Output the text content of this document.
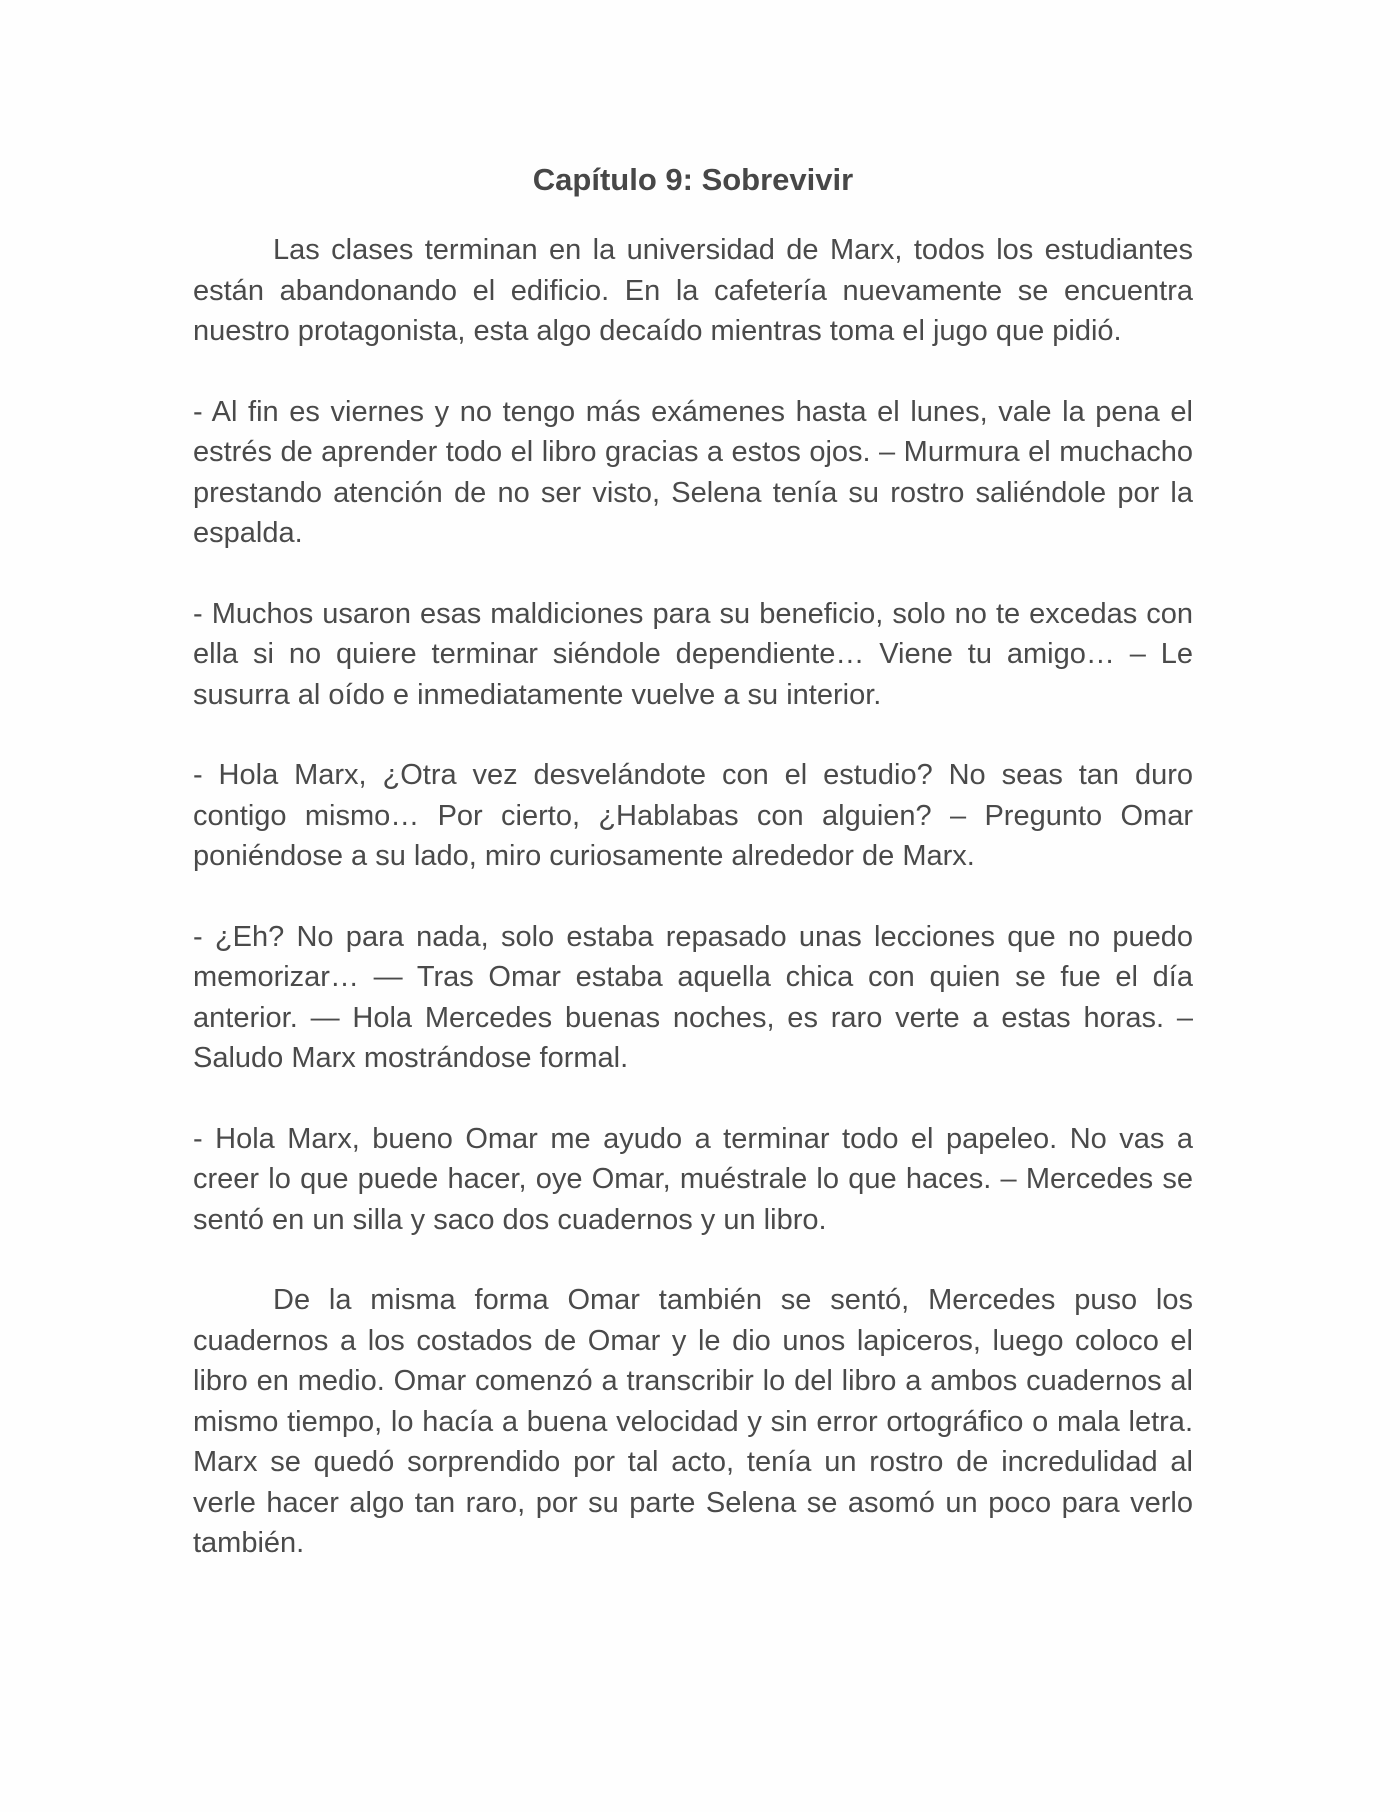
Capítulo 9: Sobrevivir

Las clases terminan en la universidad de Marx, todos los estudiantes están abandonando el edificio. En la cafetería nuevamente se encuentra nuestro protagonista, esta algo decaído mientras toma el jugo que pidió.

- Al fin es viernes y no tengo más exámenes hasta el lunes, vale la pena el estrés de aprender todo el libro gracias a estos ojos. – Murmura el muchacho prestando atención de no ser visto, Selena tenía su rostro saliéndole por la espalda.

- Muchos usaron esas maldiciones para su beneficio, solo no te excedas con ella si no quiere terminar siéndole dependiente… Viene tu amigo… – Le susurra al oído e inmediatamente vuelve a su interior.

- Hola Marx, ¿Otra vez desvelándote con el estudio? No seas tan duro contigo mismo… Por cierto, ¿Hablabas con alguien? – Pregunto Omar poniéndose a su lado, miro curiosamente alrededor de Marx.

- ¿Eh? No para nada, solo estaba repasado unas lecciones que no puedo memorizar… — Tras Omar estaba aquella chica con quien se fue el día anterior. — Hola Mercedes buenas noches, es raro verte a estas horas. – Saludo Marx mostrándose formal.

- Hola Marx, bueno Omar me ayudo a terminar todo el papeleo. No vas a creer lo que puede hacer, oye Omar, muéstrale lo que haces. – Mercedes se sentó en un silla y saco dos cuadernos y un libro.

De la misma forma Omar también se sentó, Mercedes puso los cuadernos a los costados de Omar y le dio unos lapiceros, luego coloco el libro en medio. Omar comenzó a transcribir lo del libro a ambos cuadernos al mismo tiempo, lo hacía a buena velocidad y sin error ortográfico o mala letra. Marx se quedó sorprendido por tal acto, tenía un rostro de incredulidad al verle hacer algo tan raro, por su parte Selena se asomó un poco para verlo también.
